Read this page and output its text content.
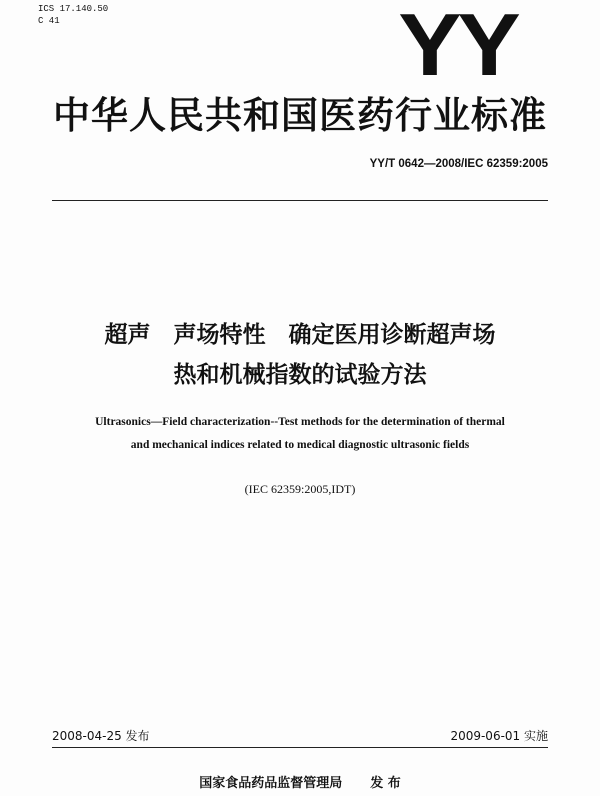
ICS 17.140.50
C 41	YY
中华人民共和国医药行业标准
YY/T 0642—2008/IEC 62359:2005
超声　声场特性　确定医用诊断超声场
热和机械指数的试验方法
Ultrasonics—Field characterization--Test methods for the determination of thermal
and mechanical indices related to medical diagnostic ultrasonic fields
(IEC 62359:2005,IDT)
2008-04-25 发布	2009-06-01 实施
国家食品药品监督管理局 发 布
